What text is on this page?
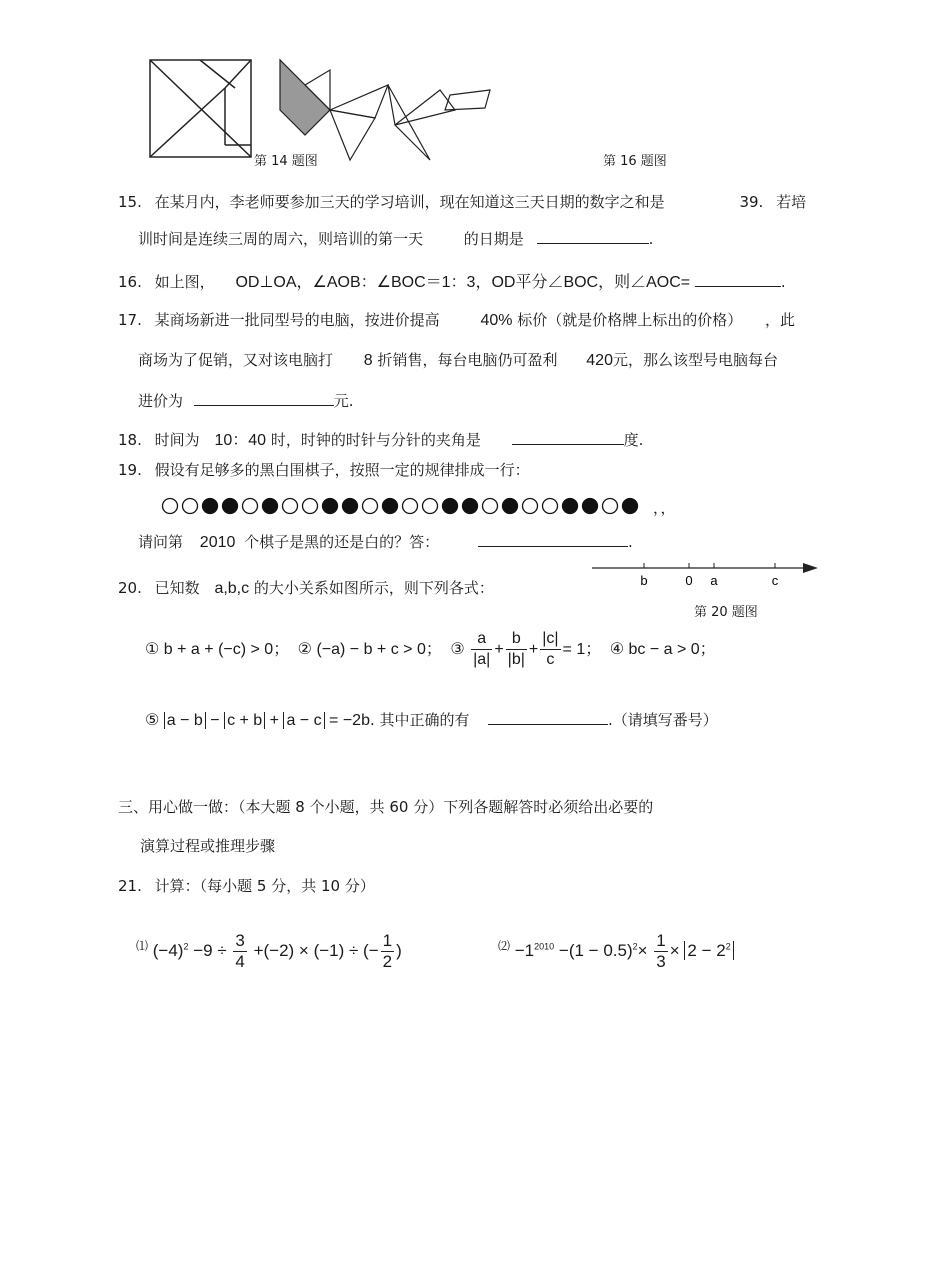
第 14 题图	第 16 题图
15. 在某月内，李老师要参加三天的学习培训，现在知道这三天日期的数字之和是	39. 若培
训时间是连续三周的周六，则培训的第一天	的日期是	.
16. 如上图， OD⊥OA，∠AOB：∠BOC＝1：3，OD平分∠BOC，则∠AOC=	.
17. 某商场新进一批同型号的电脑，按进价提高	40% 标价（就是价格牌上标出的价格） ，此
商场为了促销，又对该电脑打 8 折销售，每台电脑仍可盈利 420元，那么该型号电脑每台
进价为	元.
18. 时间为 10：40 时，时钟的时针与分针的夹角是	度.
19. 假设有足够多的黑白围棋子，按照一定的规律排成一行：
，，
请问第 2010 个棋子是黑的还是白的？答：	.
b	0 a	c
20. 已知数 a,b,c 的大小关系如图所示，则下列各式：
第 20 题图
① b + a + (−c) > 0； ② (−a) − b + c > 0； ③ $\frac{a}{|a|} + \frac{b}{|b|} + \frac{|c|}{c} = 1$； ④ bc − a > 0；
⑤ a − b − c + b + a − c = −2b. 其中正确的有	.（请填写番号）
三、用心做一做：（本大题 8 个小题，共 60 分）下列各题解答时必须给出必要的
演算过程或推理步骤
21. 计算：（每小题 5 分，共 10 分）
⑴ $(-4)^2 -9 \div \frac{3}{4} +(-2) \times (-1)$ ÷ (− $\frac{1}{2}$ )	$^⑵ -1^{2010} -(1 - 0.5)^2\times \frac{1}{3} \times 2 - 2^2$
